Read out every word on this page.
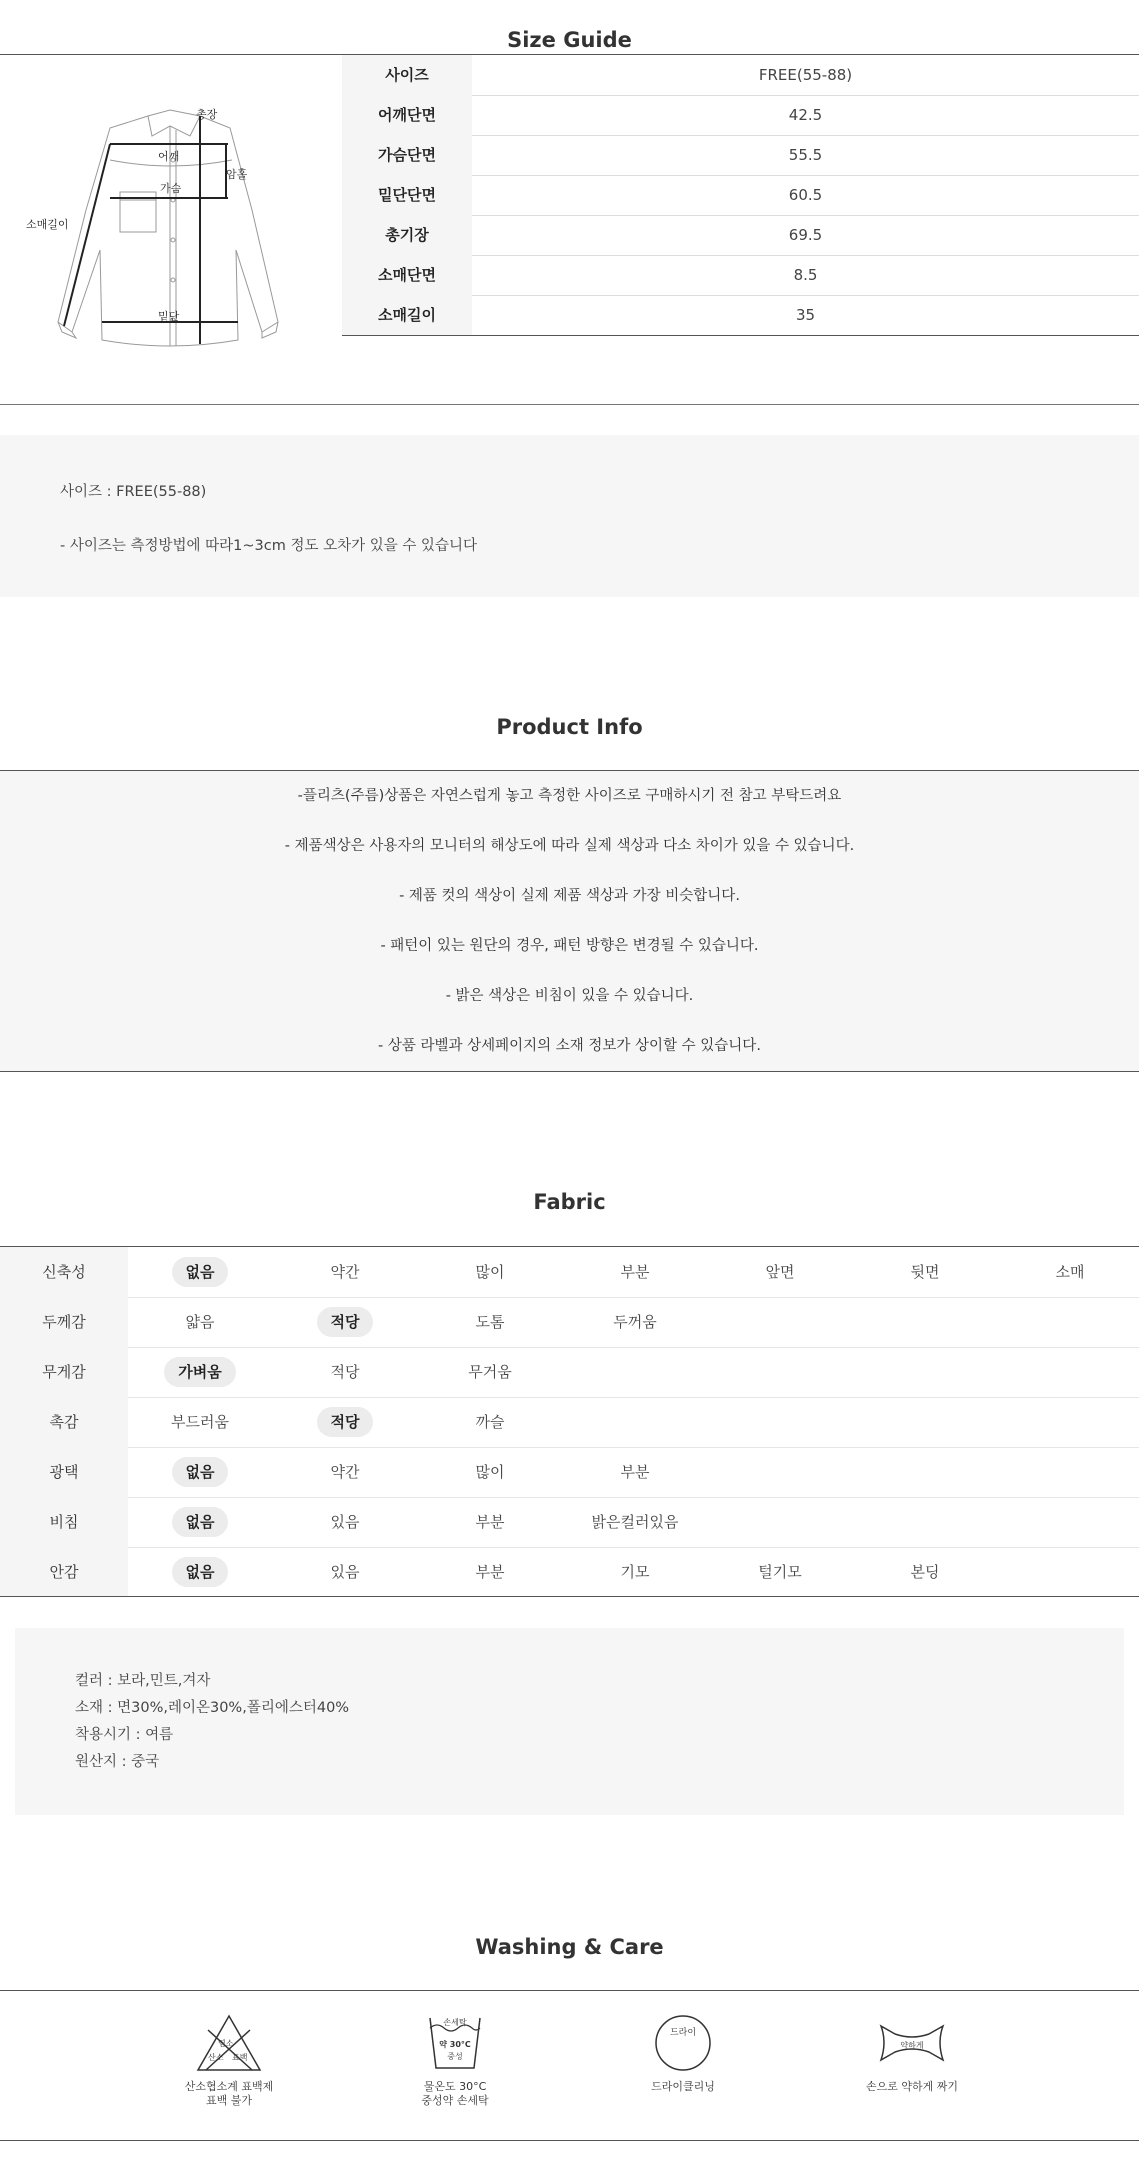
Size Guide
총장
어깨
암홀
가슴
소매길이
밑단
사이즈	FREE(55-88)
어깨단면	42.5
가슴단면	55.5
밑단단면	60.5
총기장	69.5
소매단면	8.5
소매길이	35
사이즈 : FREE(55-88)
- 사이즈는 측정방법에 따라1~3cm 정도 오차가 있을 수 있습니다
Product Info
-플리츠(주름)상품은 자연스럽게 놓고 측정한 사이즈로 구매하시기 전 참고 부탁드려요
- 제품색상은 사용자의 모니터의 해상도에 따라 실제 색상과 다소 차이가 있을 수 있습니다.
- 제품 컷의 색상이 실제 제품 색상과 가장 비슷합니다.
- 패턴이 있는 원단의 경우, 패턴 방향은 변경될 수 있습니다.
- 밝은 색상은 비침이 있을 수 있습니다.
- 상품 라벨과 상세페이지의 소재 정보가 상이할 수 있습니다.
Fabric
신축성	없음	약간	많이	부분	앞면	뒷면	소매
두께감	얇음	적당	도톰	두꺼움
무게감	가벼움	적당	무거움
촉감	부드러움	적당	까슬
광택	없음	약간	많이	부분
비침	없음	있음	부분	밝은컬러있음
안감	없음	있음	부분	기모	털기모	본딩
컬러 : 보라,민트,겨자
소재 : 면30%,레이온30%,폴리에스터40%
착용시기 : 여름
원산지 : 중국
Washing & Care
염소
산소 표백
산소협소계 표백제
표백 불가
손세탁
약 30°C
중성
물온도 30°C
중성약 손세탁
드라이
드라이클리닝
약하게
손으로 약하게 짜기
